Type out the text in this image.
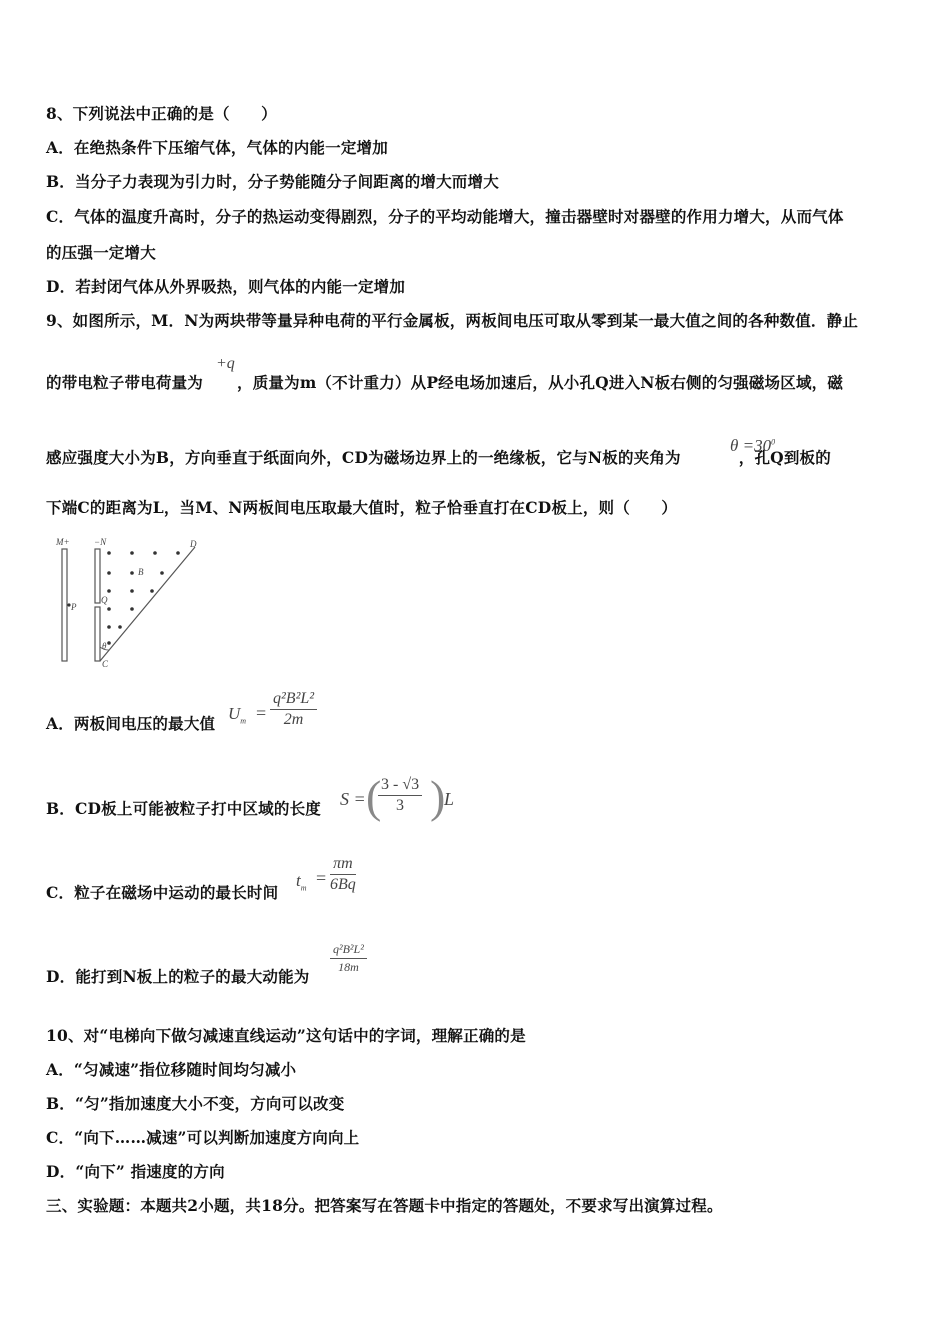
8、下列说法中正确的是（　　）
A．在绝热条件下压缩气体，气体的内能一定增加
B．当分子力表现为引力时，分子势能随分子间距离的增大而增大
C．气体的温度升高时，分子的热运动变得剧烈，分子的平均动能增大，撞击器壁时对器壁的作用力增大，从而气体
的压强一定增大
D．若封闭气体从外界吸热，则气体的内能一定增加
9、如图所示，M．N为两块带等量异种电荷的平行金属板，两板间电压可取从零到某一最大值之间的各种数值．静止
的带电粒子带电荷量为 ，质量为m（不计重力）从P经电场加速后，从小孔Q进入N板右侧的匀强磁场区域，磁
+q
感应强度大小为B，方向垂直于纸面向外，CD为磁场边界上的一绝缘板，它与N板的夹角为	，孔Q到板的
$\theta =30^0$
下端C的距离为L，当M、N两板间电压取最大值时，粒子恰垂直打在CD板上，则（　　）
M+	−N	D
B
P
Q
θ
C
A．两板间电压的最大值
$U_m = \frac{\text{q²B²L²}}{2m}$
B．CD板上可能被粒子打中区域的长度 S = (
$\frac{3 - √3}{3}$ )
L
C．粒子在磁场中运动的最长时间
$t_m = \frac{\pi m}{6Bq}$
D．能打到N板上的粒子的最大动能为
$\frac{\text{q²B²L²}}{18m}$
10、对“电梯向下做匀减速直线运动”这句话中的字词，理解正确的是
A．“匀减速”指位移随时间均匀减小
B．“匀”指加速度大小不变，方向可以改变
C．“向下……减速”可以判断加速度方向向上
D．“向下” 指速度的方向
三、实验题：本题共2小题，共18分。把答案写在答题卡中指定的答题处，不要求写出演算过程。
